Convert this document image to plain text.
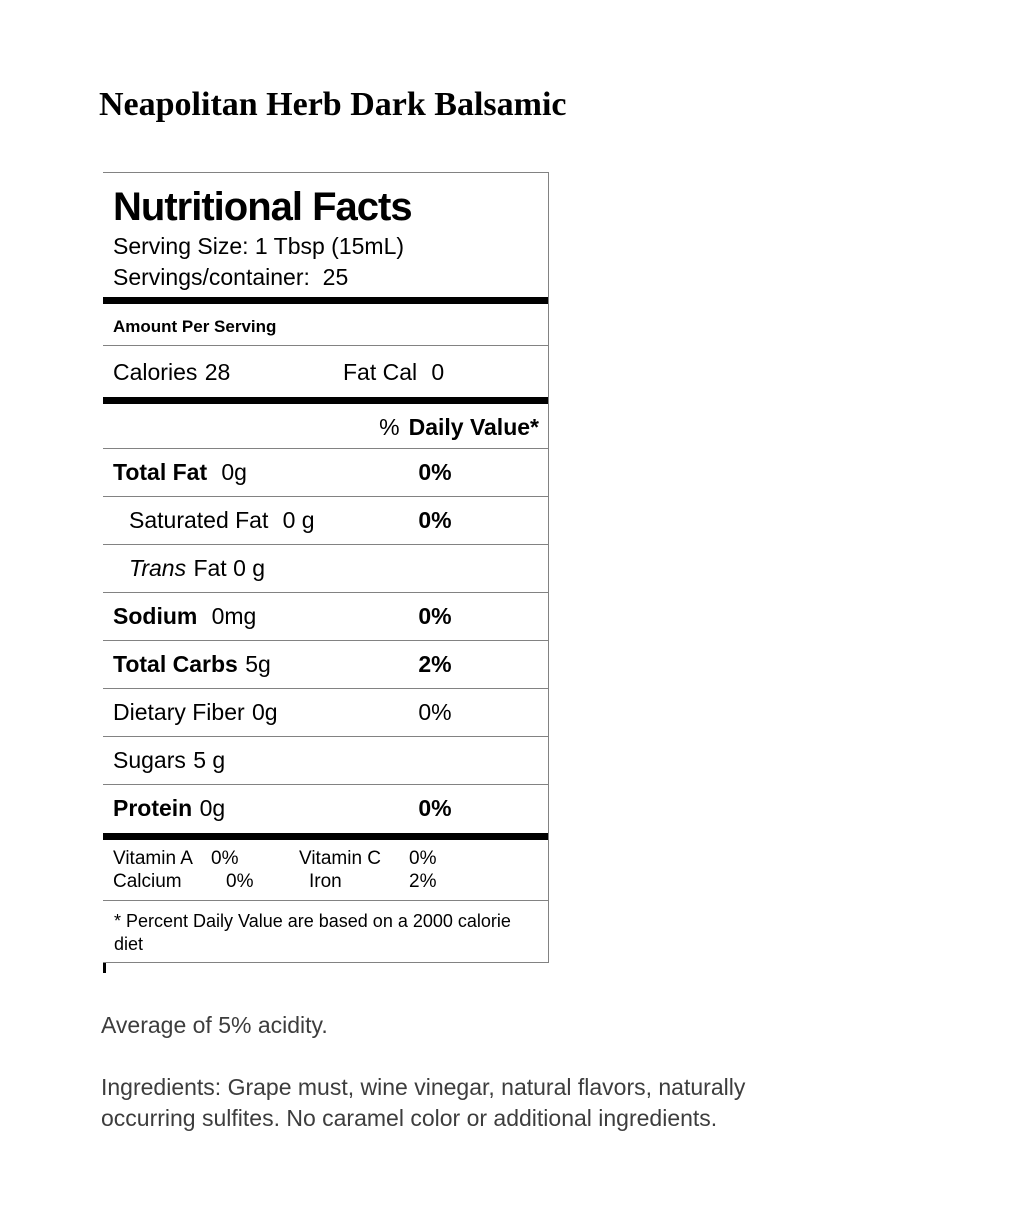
Neapolitan Herb Dark Balsamic
Nutritional Facts
Serving Size: 1 Tbsp (15mL)
Servings/container:  25
Amount Per Serving
Calories 28	Fat Cal 0
% Daily Value*
Total Fat 0g	0%
Saturated Fat 0 g	0%
Trans Fat 0 g
Sodium 0mg	0%
Total Carbs 5g	2%
Dietary Fiber 0g	0%
Sugars 5 g
Protein 0g	0%
Vitamin A 0%	Vitamin C 0%
Calcium 0%	Iron	2%
* Percent Daily Value are based on a 2000 calorie diet
Average of 5% acidity.
Ingredients: Grape must, wine vinegar, natural flavors, naturally occurring sulfites. No caramel color or additional ingredients.
